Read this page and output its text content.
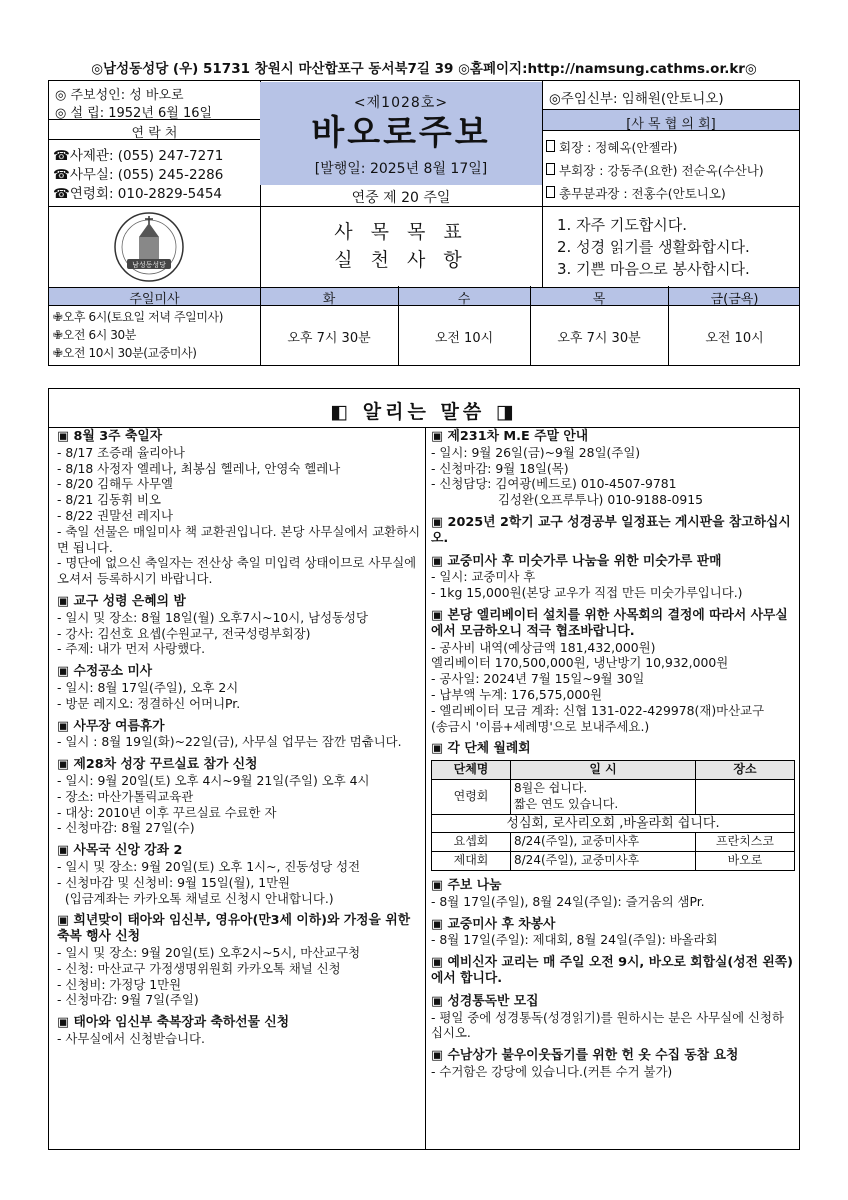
◎남성동성당 (우) 51731 창원시 마산합포구 동서북7길 39 ◎홈페이지:http://namsung.cathms.or.kr◎
◎ 주보성인: 성 바오로
◎ 설 립: 1952년 6월 16일
연 락 처
☎사제관: (055) 247-7271
☎사무실: (055) 245-2286
☎연령회: 010-2829-5454
<제1028호>
바오로주보
[발행일: 2025년 8월 17일]
연중 제 20 주일
◎주임신부: 임해원(안토니오)
[사 목 협 의 회]
회장 : 정혜옥(안젤라)
부회장 : 강동주(요한) 전순옥(수산나)
총무분과장 : 전홍수(안토니오)
남성동성당
사 목 목 표
실 천 사 항
1. 자주 기도합시다.
2. 성경 읽기를 생활화합시다.
3. 기쁜 마음으로 봉사합시다.
주일미사	화	수	목	금(금욕)
✙오후 6시(토요일 저녁 주일미사)
✙오전 6시 30분
✙오전 10시 30분(교중미사)
오후 7시 30분	오전 10시	오후 7시 30분	오전 10시
◧ 알리는 말씀 ◨
▣ 8월 3주 축일자
- 8/17 조증래 율리아나
- 8/18 사정자 엘레나, 최봉심 헬레나, 안영숙 헬레나
- 8/20 김해두 사무엘
- 8/21 김동휘 비오
- 8/22 권말선 레지나
- 축일 선물은 매일미사 책 교환권입니다. 본당 사무실에서 교환하시면 됩니다.
- 명단에 없으신 축일자는 전산상 축일 미입력 상태이므로 사무실에 오셔서 등록하시기 바랍니다.
▣ 교구 성령 은혜의 밤
- 일시 및 장소: 8월 18일(월) 오후7시~10시, 남성동성당
- 강사: 김선호 요셉(수원교구, 전국성령부회장)
- 주제: 내가 먼저 사랑했다.
▣ 수정공소 미사
- 일시: 8월 17일(주일), 오후 2시
- 방문 레지오: 정결하신 어머니Pr.
▣ 사무장 여름휴가
- 일시 : 8월 19일(화)~22일(금), 사무실 업무는 잠깐 멈춥니다.
▣ 제28차 성장 꾸르실료 참가 신청
- 일시: 9월 20일(토) 오후 4시~9월 21일(주일) 오후 4시
- 장소: 마산가톨릭교육관
- 대상: 2010년 이후 꾸르실료 수료한 자
- 신청마감: 8월 27일(수)
▣ 사목국 신앙 강좌 2
- 일시 및 장소: 9월 20일(토) 오후 1시~, 진동성당 성전
- 신청마감 및 신청비: 9월 15일(월), 1만원
(입금계좌는 카카오톡 채널로 신청시 안내합니다.)
▣ 희년맞이 태아와 임신부, 영유아(만3세 이하)와 가정을 위한 축복 행사 신청
- 일시 및 장소: 9월 20일(토) 오후2시~5시, 마산교구청
- 신청: 마산교구 가정생명위원회 카카오톡 채널 신청
- 신청비: 가정당 1만원
- 신청마감: 9월 7일(주일)
▣ 태아와 임신부 축복장과 축하선물 신청
- 사무실에서 신청받습니다.
▣ 제231차 M.E 주말 안내
- 일시: 9월 26일(금)~9월 28일(주일)
- 신청마감: 9월 18일(목)
- 신청담당: 김여광(베드로) 010-4507-9781
김성완(오프루투나) 010-9188-0915
▣ 2025년 2학기 교구 성경공부 일정표는 게시판을 참고하십시오.
▣ 교중미사 후 미숫가루 나눔을 위한 미숫가루 판매
- 일시: 교중미사 후
- 1kg 15,000원(본당 교우가 직접 만든 미숫가루입니다.)
▣ 본당 엘리베이터 설치를 위한 사목회의 결정에 따라서 사무실에서 모금하오니 적극 협조바랍니다.
- 공사비 내역(예상금액 181,432,000원)
엘리베이터 170,500,000원, 냉난방기 10,932,000원
- 공사일: 2024년 7월 15일~9월 30일
- 납부액 누계: 176,575,000원
- 엘리베이터 모금 계좌: 신협 131-022-429978(재)마산교구
(송금시 '이름+세례명'으로 보내주세요.)
▣ 각 단체 월례회
단체명	일 시	장소
연령회	8월은 쉽니다.
짧은 연도 있습니다.	
성심회, 로사리오회 ,바올라회 쉽니다.		
요셉회	8/24(주일), 교중미사후	프란치스코
제대회	8/24(주일), 교중미사후	바오로
▣ 주보 나눔
- 8월 17일(주일), 8월 24일(주일): 즐거움의 샘Pr.
▣ 교중미사 후 차봉사
- 8월 17일(주일): 제대회, 8월 24일(주일): 바올라회
▣ 예비신자 교리는 매 주일 오전 9시, 바오로 회합실(성전 왼쪽)에서 합니다.
▣ 성경통독반 모집
- 평일 중에 성경통독(성경읽기)를 원하시는 분은 사무실에 신청하십시오.
▣ 수남상가 불우이웃돕기를 위한 헌 옷 수집 동참 요청
- 수거함은 강당에 있습니다.(커튼 수거 불가)
